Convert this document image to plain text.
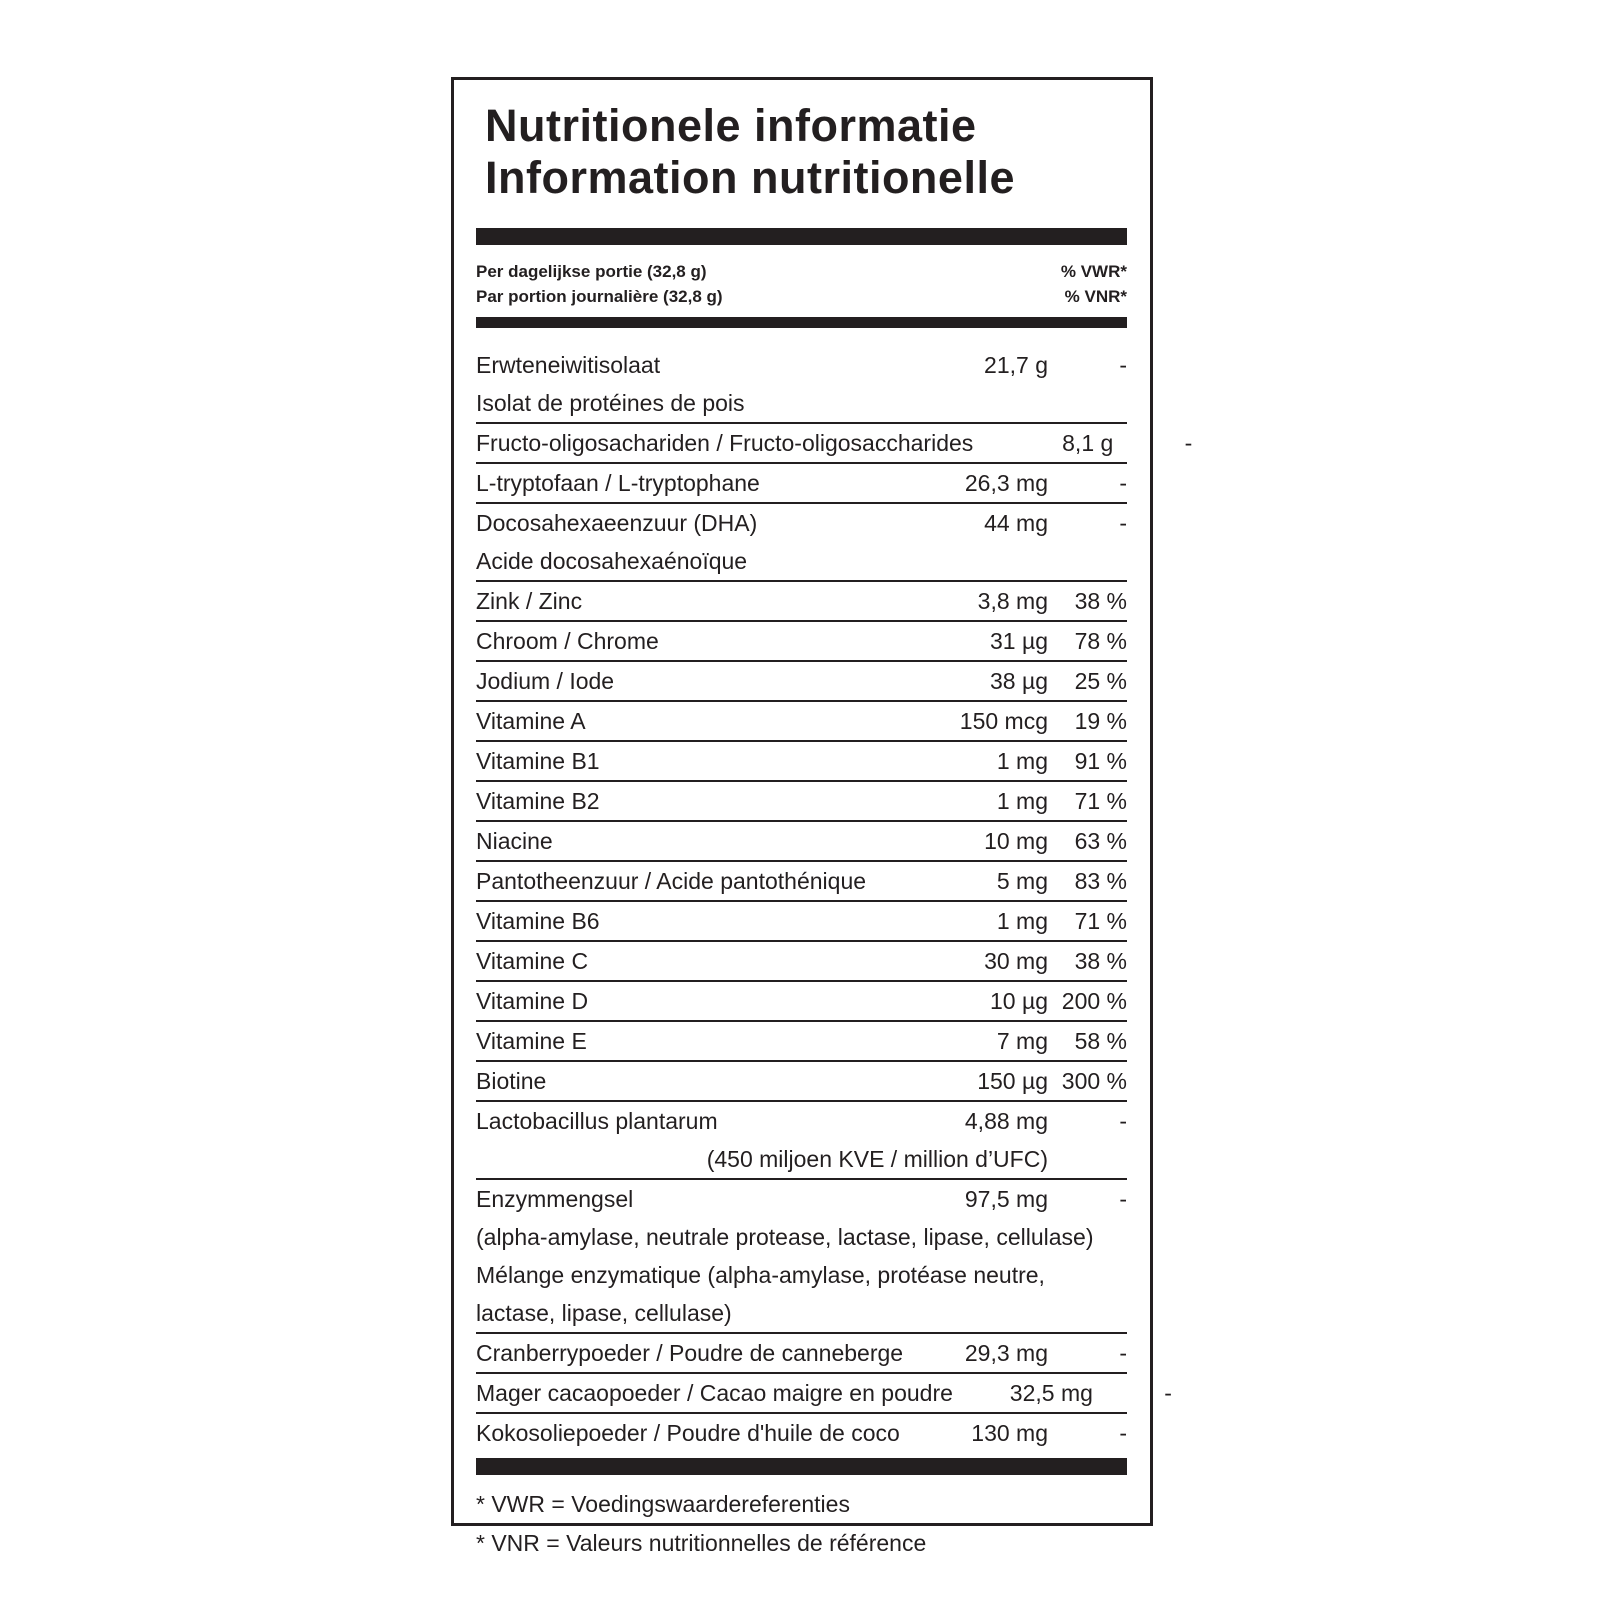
Nutritionele informatie
Information nutritionelle
Per dagelijkse portie (32,8 g)
Par portion journalière (32,8 g)
% VWR*
% VNR*
Erwteneiwitisolaat	21,7 g	-
Isolat de protéines de pois
Fructo-oligosachariden / Fructo-oligosaccharides	8,1 g	-
L-tryptofaan / L-tryptophane	26,3 mg	-
Docosahexaeenzuur (DHA)	44 mg	-
Acide docosahexaénoïque
Zink / Zinc	3,8 mg	38 %
Chroom / Chrome	31 µg	78 %
Jodium / Iode	38 µg	25 %
Vitamine A	150 mcg	19 %
Vitamine B1	1 mg	91 %
Vitamine B2	1 mg	71 %
Niacine	10 mg	63 %
Pantotheenzuur / Acide pantothénique	5 mg	83 %
Vitamine B6	1 mg	71 %
Vitamine C	30 mg	38 %
Vitamine D	10 µg 200 %
Vitamine E	7 mg	58 %
Biotine	150 µg 300 %
Lactobacillus plantarum	4,88 mg	-
(450 miljoen KVE / million d’UFC)
Enzymmengsel	97,5 mg	-
(alpha-amylase, neutrale protease, lactase, lipase, cellulase)
Mélange enzymatique (alpha-amylase, protéase neutre,
lactase, lipase, cellulase)
Cranberrypoeder / Poudre de canneberge	29,3 mg	-
Mager cacaopoeder / Cacao maigre en poudre	32,5 mg	-
Kokosoliepoeder / Poudre d'huile de coco	130 mg	-
* VWR = Voedingswaardereferenties
* VNR = Valeurs nutritionnelles de référence
